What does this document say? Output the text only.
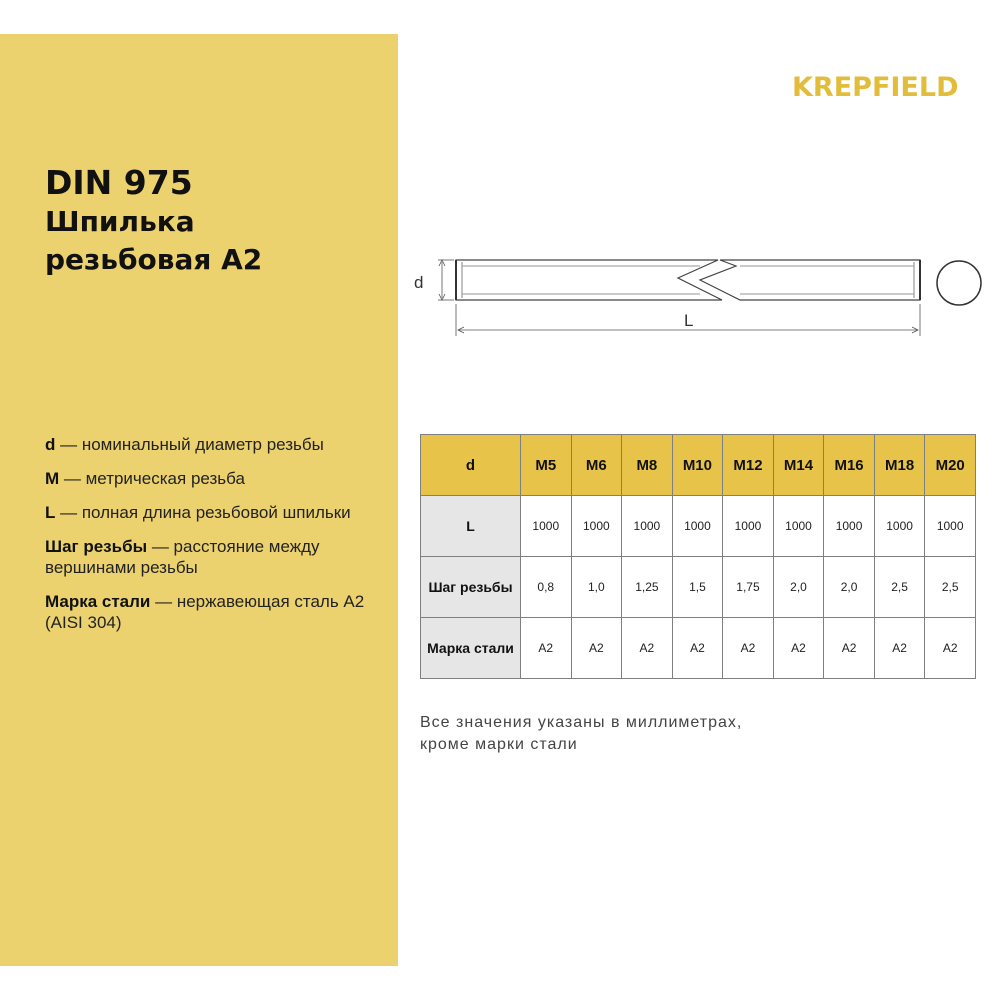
DIN 975
Шпилька
резьбовая A2
d — номинальный диаметр резьбы
M — метрическая резьба
L — полная длина резьбовой шпильки
Шаг резьбы — расстояние между вершинами резьбы
Марка стали — нержавеющая сталь A2 (AISI 304)
KREPFIELD
d
L
d	M5	M6	M8	M10	M12	M14	M16	M18	M20
L	1000	1000	1000	1000	1000	1000	1000	1000	1000
Шаг резьбы	0,8	1,0	1,25	1,5	1,75	2,0	2,0	2,5	2,5
Марка стали	A2	A2	A2	A2	A2	A2	A2	A2	A2
Все значения указаны в миллиметрах,
кроме марки стали
